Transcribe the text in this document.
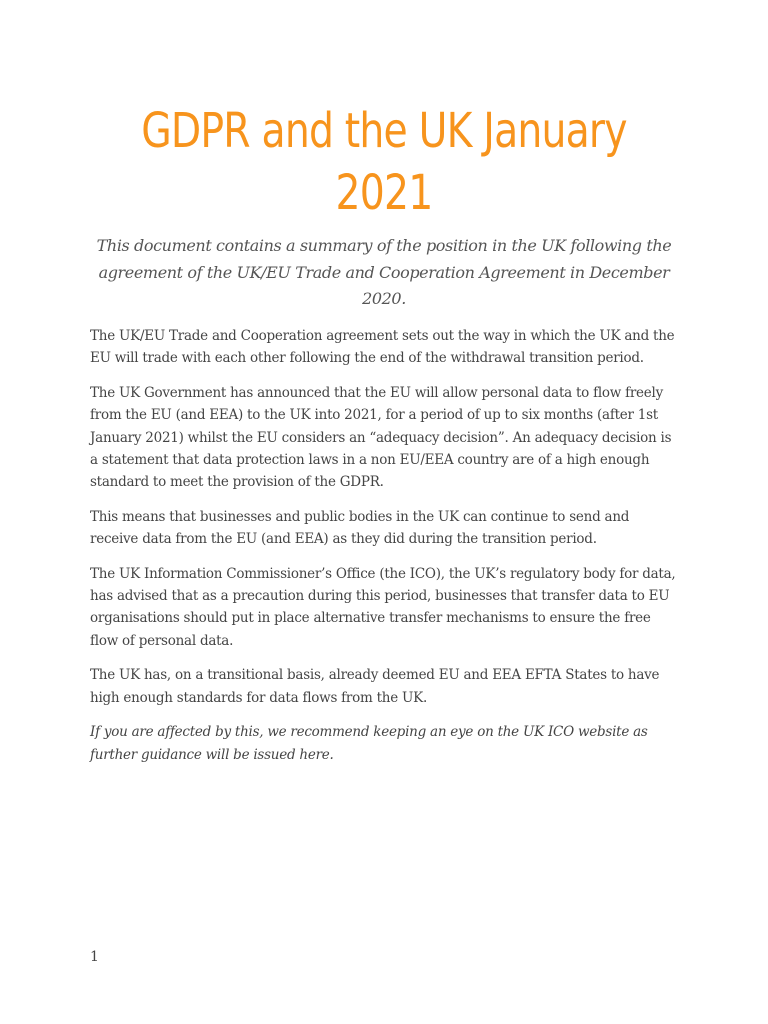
GDPR and the UK January 2021

This document contains a summary of the position in the UK following the agreement of the UK/EU Trade and Cooperation Agreement in December 2020.

The UK/EU Trade and Cooperation agreement sets out the way in which the UK and the EU will trade with each other following the end of the withdrawal transition period.

The UK Government has announced that the EU will allow personal data to flow freely from the EU (and EEA) to the UK into 2021, for a period of up to six months (after 1st January 2021) whilst the EU considers an “adequacy decision”. An adequacy decision is a statement that data protection laws in a non EU/EEA country are of a high enough standard to meet the provision of the GDPR.

This means that businesses and public bodies in the UK can continue to send and receive data from the EU (and EEA) as they did during the transition period.

The UK Information Commissioner’s Office (the ICO), the UK’s regulatory body for data, has advised that as a precaution during this period, businesses that transfer data to EU organisations should put in place alternative transfer mechanisms to ensure the free flow of personal data.

The UK has, on a transitional basis, already deemed EU and EEA EFTA States to have high enough standards for data flows from the UK.

If you are affected by this, we recommend keeping an eye on the UK ICO website as further guidance will be issued here.

1
